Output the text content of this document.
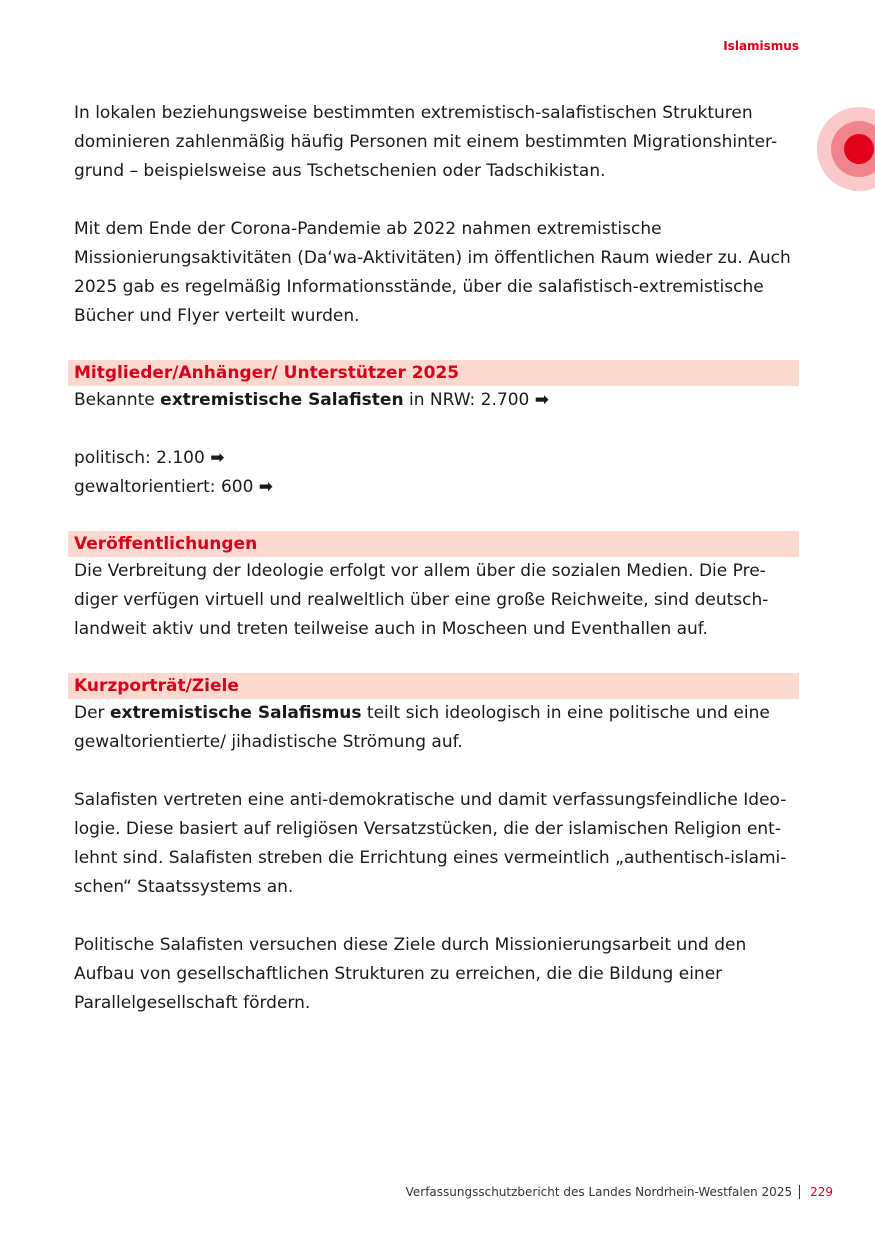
Islamismus

In lokalen beziehungsweise bestimmten extremistisch-salafistischen Strukturen dominieren zahlenmäßig häufig Personen mit einem bestimmten Migrationshinter-grund – beispielsweise aus Tschetschenien oder Tadschikistan.

Mit dem Ende der Corona-Pandemie ab 2022 nahmen extremistische Missionierungsaktivitäten (Da‘wa-Aktivitäten) im öffentlichen Raum wieder zu. Auch 2025 gab es regelmäßig Informationsstände, über die salafistisch-extremistische Bücher und Flyer verteilt wurden.

Mitglieder/Anhänger/ Unterstützer 2025

Bekannte extremistische Salafisten in NRW: 2.700 ➡

politisch: 2.100 ➡

gewaltorientiert: 600 ➡

Veröffentlichungen

Die Verbreitung der Ideologie erfolgt vor allem über die sozialen Medien. Die Pre-diger verfügen virtuell und realweltlich über eine große Reichweite, sind deutsch-landweit aktiv und treten teilweise auch in Moscheen und Eventhallen auf.

Kurzporträt/Ziele

Der extremistische Salafismus teilt sich ideologisch in eine politische und eine gewaltorientierte/ jihadistische Strömung auf.

Salafisten vertreten eine anti-demokratische und damit verfassungsfeindliche Ideo-logie. Diese basiert auf religiösen Versatzstücken, die der islamischen Religion ent-lehnt sind. Salafisten streben die Errichtung eines vermeintlich „authentisch-islami-schen“ Staatssystems an.

Politische Salafisten versuchen diese Ziele durch Missionierungsarbeit und den Aufbau von gesellschaftlichen Strukturen zu erreichen, die die Bildung einer Parallelgesellschaft fördern.

Verfassungsschutzbericht des Landes Nordrhein-Westfalen 2025 229
